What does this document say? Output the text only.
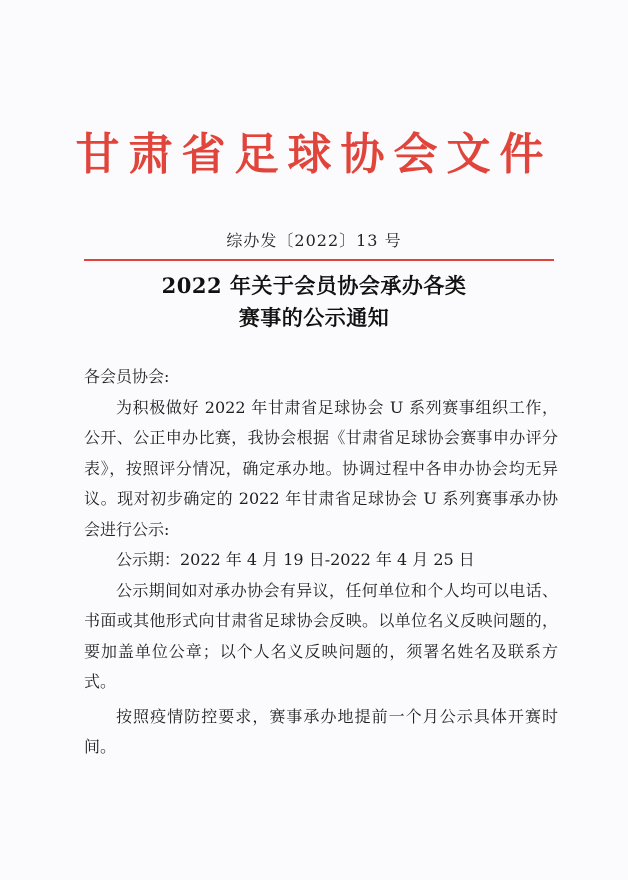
甘肃省足球协会文件
综办发〔2022〕13 号
2022 年关于会员协会承办各类
赛事的公示通知

各会员协会:

为积极做好 2022 年甘肃省足球协会 U 系列赛事组织工作，公开、公正申办比赛，我协会根据《甘肃省足球协会赛事申办评分表》，按照评分情况，确定承办地。协调过程中各申办协会均无异议。现对初步确定的 2022 年甘肃省足球协会 U 系列赛事承办协会进行公示:

公示期：2022 年 4 月 19 日-2022 年 4 月 25 日

公示期间如对承办协会有异议，任何单位和个人均可以电话、书面或其他形式向甘肃省足球协会反映。以单位名义反映问题的，要加盖单位公章；以个人名义反映问题的，须署名姓名及联系方式。

按照疫情防控要求，赛事承办地提前一个月公示具体开赛时间。
